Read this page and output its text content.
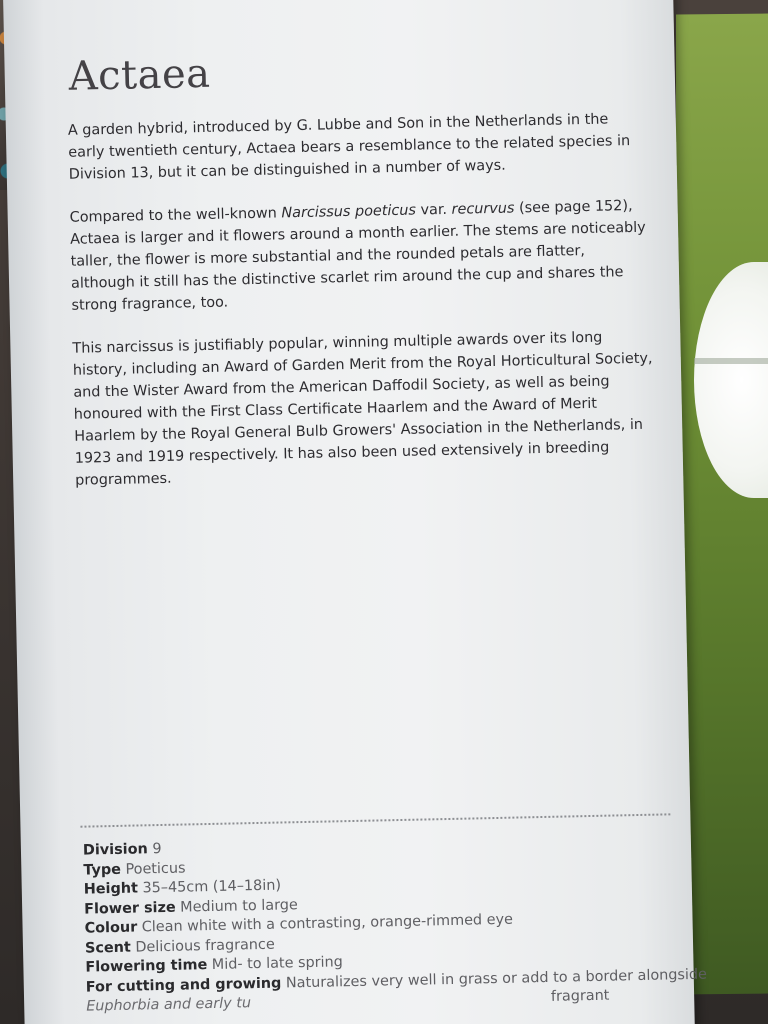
Actaea

A garden hybrid, introduced by G. Lubbe and Son in the Netherlands in the early twentieth century, Actaea bears a resemblance to the related species in Division 13, but it can be distinguished in a number of ways.

Compared to the well-known Narcissus poeticus var. recurvus (see page 152), Actaea is larger and it flowers around a month earlier. The stems are noticeably taller, the flower is more substantial and the rounded petals are flatter, although it still has the distinctive scarlet rim around the cup and shares the strong fragrance, too.

This narcissus is justifiably popular, winning multiple awards over its long history, including an Award of Garden Merit from the Royal Horticultural Society, and the Wister Award from the American Daffodil Society, as well as being honoured with the First Class Certificate Haarlem and the Award of Merit Haarlem by the Royal General Bulb Growers' Association in the Netherlands, in 1923 and 1919 respectively. It has also been used extensively in breeding programmes.

Division 9
Type Poeticus
Height 35–45cm (14–18in)
Flower size Medium to large
Colour Clean white with a contrasting, orange-rimmed eye
Scent Delicious fragrance
Flowering time Mid- to late spring
For cutting and growing Naturalizes very well in grass or add to a border alongside
Euphorbia and early tu	fragrant
